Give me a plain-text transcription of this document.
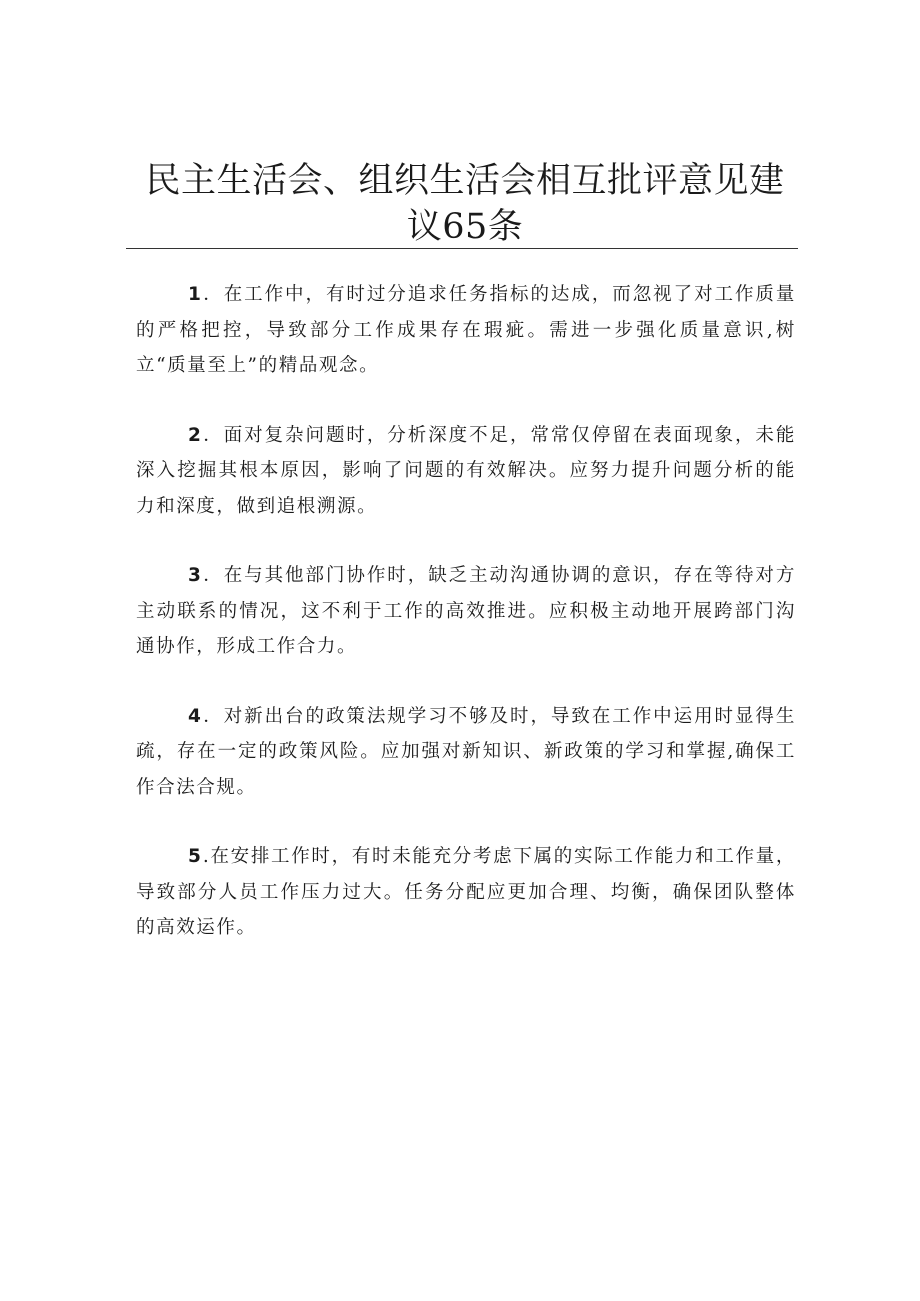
民主生活会、组织生活会相互批评意见建议65条

1 ．在工作中，有时过分追求任务指标的达成，而忽视了对工作质量的严格把控，导致部分工作成果存在瑕疵。需进一步强化质量意识,树立“质量至上”的精品观念。

2 ．面对复杂问题时，分析深度不足，常常仅停留在表面现象，未能深入挖掘其根本原因，影响了问题的有效解决。应努力提升问题分析的能力和深度，做到追根溯源。

3 ．在与其他部门协作时，缺乏主动沟通协调的意识，存在等待对方主动联系的情况，这不利于工作的高效推进。应积极主动地开展跨部门沟通协作，形成工作合力。

4 ．对新出台的政策法规学习不够及时，导致在工作中运用时显得生疏，存在一定的政策风险。应加强对新知识、新政策的学习和掌握,确保工作合法合规。

5 .在安排工作时，有时未能充分考虑下属的实际工作能力和工作量，导致部分人员工作压力过大。任务分配应更加合理、均衡，确保团队整体的高效运作。
